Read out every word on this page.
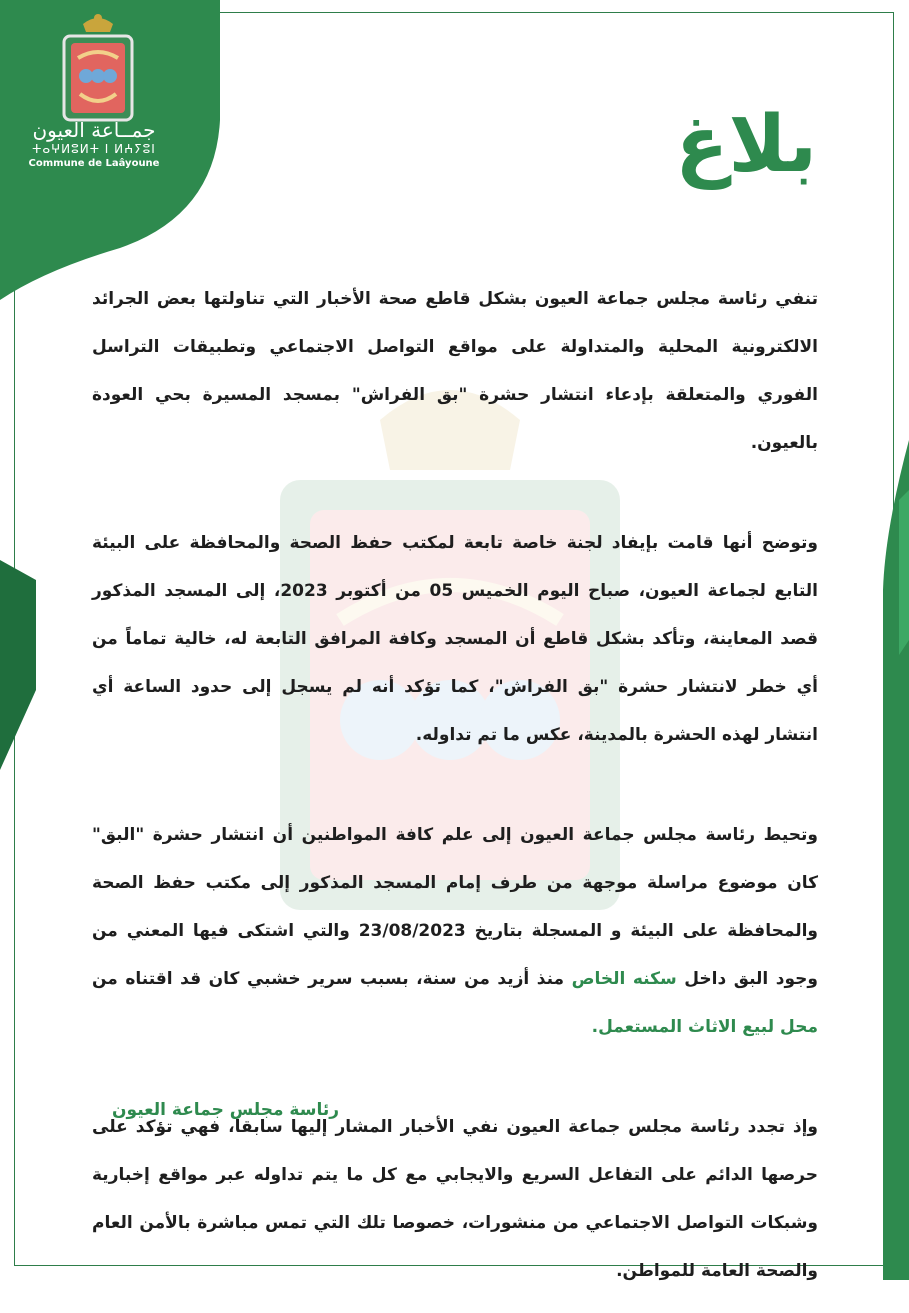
جمــاعة العيون
ⵜⴰⵖⵍⵓⵍⵜ ⵏ ⵍⵄⵢⵓⵏ
Commune de Laâyoune	بلاغ

تنفي رئاسة مجلس جماعة العيون بشكل قاطع صحة الأخبار التي تناولتها بعض الجرائد الالكترونية المحلية والمتداولة على مواقع التواصل الاجتماعي وتطبيقات التراسل الفوري والمتعلقة بإدعاء انتشار حشرة "بق الفراش" بمسجد المسيرة بحي العودة بالعيون.

وتوضح أنها قامت بإيفاد لجنة خاصة تابعة لمكتب حفظ الصحة والمحافظة على البيئة التابع لجماعة العيون، صباح اليوم الخميس 05 من أكتوبر 2023، إلى المسجد المذكور قصد المعاينة، وتأكد بشكل قاطع أن المسجد وكافة المرافق التابعة له، خالية تماماً من أي خطر لانتشار حشرة "بق الفراش"، كما تؤكد أنه لم يسجل إلى حدود الساعة أي انتشار لهذه الحشرة بالمدينة، عكس ما تم تداوله.

وتحيط رئاسة مجلس جماعة العيون إلى علم كافة المواطنين أن انتشار حشرة "البق" كان موضوع مراسلة موجهة من طرف إمام المسجد المذكور إلى مكتب حفظ الصحة والمحافظة على البيئة و المسجلة بتاريخ 23/08/2023 والتي اشتكى فيها المعني من وجود البق داخل سكنه الخاص منذ أزيد من سنة، بسبب سرير خشبي كان قد اقتناه من محل لبيع الاثاث المستعمل.

وإذ تجدد رئاسة مجلس جماعة العيون نفي الأخبار المشار إليها سابقا، فهي تؤكد على حرصها الدائم على التفاعل السريع والايجابي مع كل ما يتم تداوله عبر مواقع إخبارية وشبكات التواصل الاجتماعي من منشورات، خصوصا تلك التي تمس مباشرة بالأمن العام والصحة العامة للمواطن.

رئاسة مجلس جماعة العيون
